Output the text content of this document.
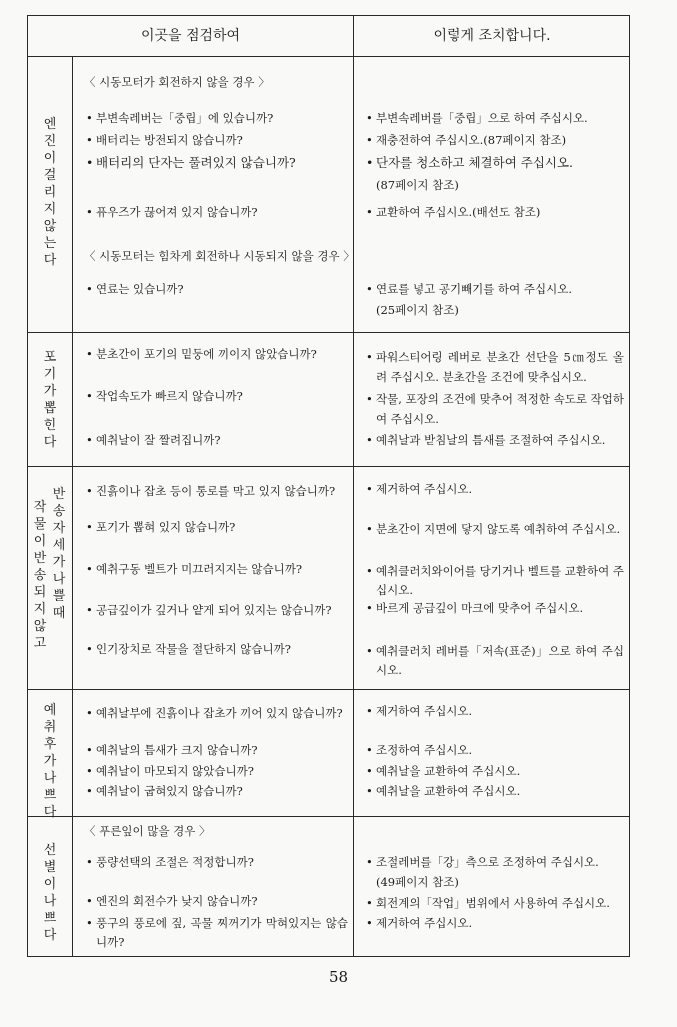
이곳을 점검하여	이렇게 조치합니다.
엔진이 걸리지 않는다
〈 시동모터가 회전하지 않을 경우 〉
• 부변속레버는「중립」에 있습니까?
• 배터리는 방전되지 않습니까?
• 배터리의 단자는 풀려있지 않습니까?
• 퓨우즈가 끊어져 있지 않습니까?
〈 시동모터는 힘차게 회전하나 시동되지 않을 경우 〉
• 연료는 있습니까?
• 부변속레버를「중립」으로 하여 주십시오.
• 재충전하여 주십시오.(87페이지 참조)
• 단자를 청소하고 체결하여 주십시오.
(87페이지 참조)
• 교환하여 주십시오.(배선도 참조)
• 연료를 넣고 공기빼기를 하여 주십시오.
(25페이지 참조)
포기가 뽑힌다
• 분초간이 포기의 밑둥에 끼이지 않았습니까?
• 작업속도가 빠르지 않습니까?
• 예취날이 잘 짤려집니까?
• 파워스티어링 레버로 분초간 선단을 5㎝정도 올려 주십시오. 분초간을 조건에 맞추십시오.
• 작물, 포장의 조건에 맞추어 적정한 속도로 작업하여 주십시오.
• 예취날과 받침날의 틈새를 조절하여 주십시오.
작물이 반송되지 않고
반송자세가 나쁠때
• 진흙이나 잡초 등이 통로를 막고 있지 않습니까?
• 포기가 뽑혀 있지 않습니까?
• 예취구동 벨트가 미끄러지지는 않습니까?
• 공급깊이가 깊거나 얕게 되어 있지는 않습니까?
• 인기장치로 작물을 절단하지 않습니까?
• 제거하여 주십시오.
• 분초간이 지면에 닿지 않도록 예취하여 주십시오.
• 예취클러치와이어를 당기거나 벨트를 교환하여 주십시오.
• 바르게 공급깊이 마크에 맞추어 주십시오.
• 예취클러치 레버를「저속(표준)」으로 하여 주십시오.
예취후가 나쁘다
• 예취날부에 진흙이나 잡초가 끼어 있지 않습니까?
• 예취날의 틈새가 크지 않습니까?
• 예취날이 마모되지 않았습니까?
• 예취날이 굽혀있지 않습니까?
• 제거하여 주십시오.
• 조정하여 주십시오.
• 예취날을 교환하여 주십시오.
• 예취날을 교환하여 주십시오.
선별이 나쁘다
〈 푸른잎이 많을 경우 〉
• 풍량선택의 조절은 적정합니까?
• 엔진의 회전수가 낮지 않습니까?
• 풍구의 풍로에 짚, 곡물 찌꺼기가 막혀있지는 않습니까?
• 조절레버를「강」측으로 조정하여 주십시오.
(49페이지 참조)
• 회전계의「작업」범위에서 사용하여 주십시오.
• 제거하여 주십시오.
58
